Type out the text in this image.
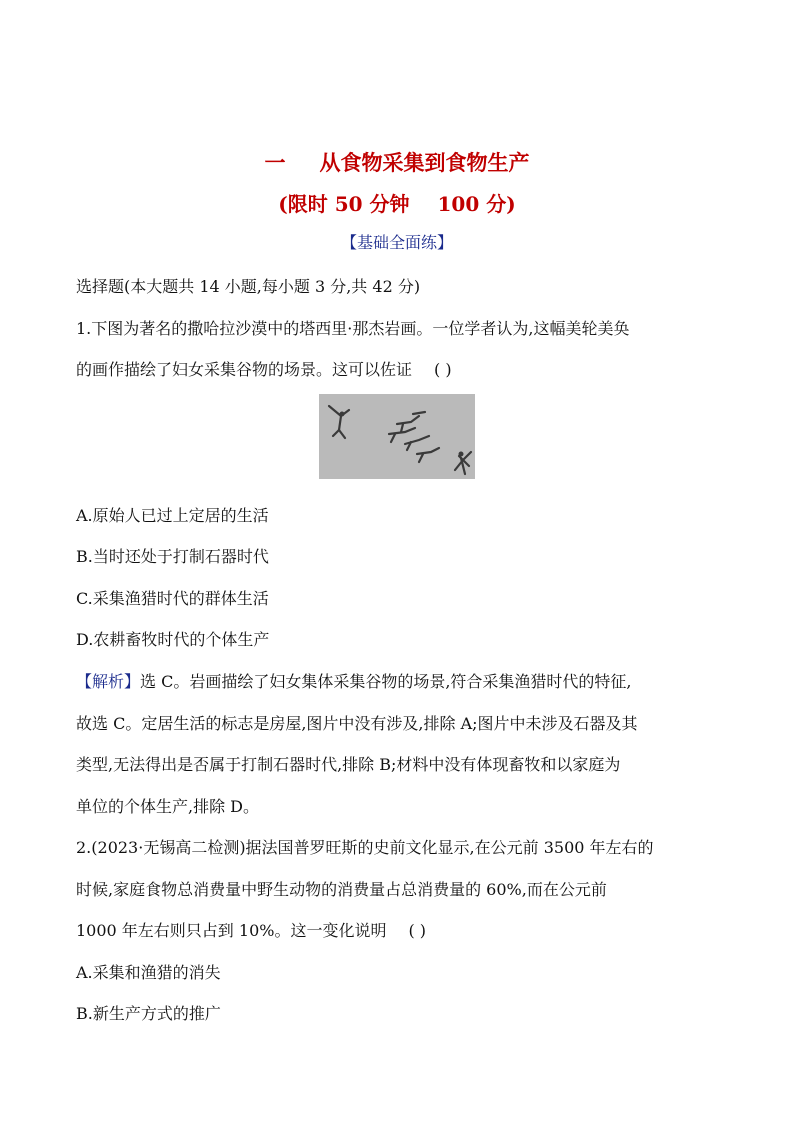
一 从食物采集到食物生产
(限时 50 分钟 100 分)
【基础全面练】
选择题(本大题共 14 小题,每小题 3 分,共 42 分)
1.下图为著名的撒哈拉沙漠中的塔西里·那杰岩画。一位学者认为,这幅美轮美奂
的画作描绘了妇女采集谷物的场景。这可以佐证 ( )
A.原始人已过上定居的生活
B.当时还处于打制石器时代
C.采集渔猎时代的群体生活
D.农耕畜牧时代的个体生产
【解析】选 C。岩画描绘了妇女集体采集谷物的场景,符合采集渔猎时代的特征,
故选 C。定居生活的标志是房屋,图片中没有涉及,排除 A;图片中未涉及石器及其
类型,无法得出是否属于打制石器时代,排除 B;材料中没有体现畜牧和以家庭为
单位的个体生产,排除 D。
2.(2023·无锡高二检测)据法国普罗旺斯的史前文化显示,在公元前 3500 年左右的
时候,家庭食物总消费量中野生动物的消费量占总消费量的 60%,而在公元前
1000 年左右则只占到 10%。这一变化说明 ( )
A.采集和渔猎的消失
B.新生产方式的推广
